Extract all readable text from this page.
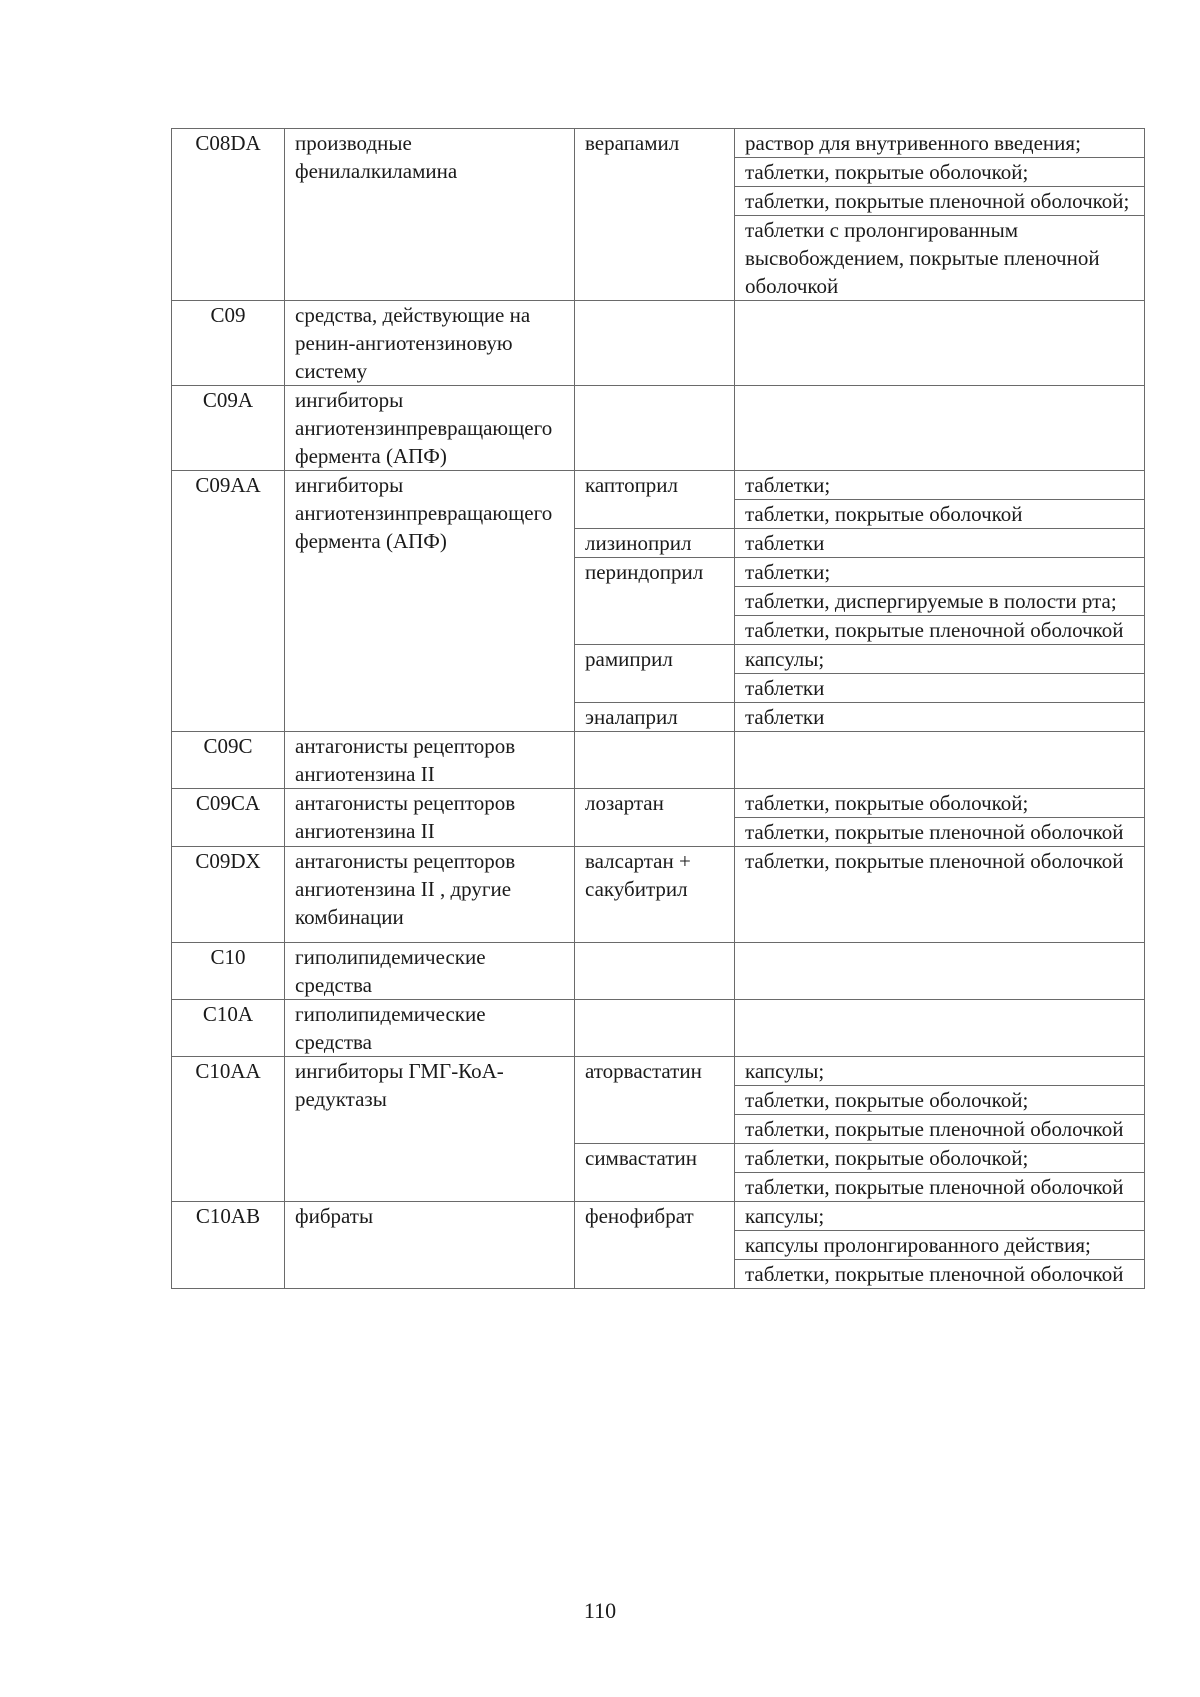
C08DA	производные фенилалкиламина	верапамил	раствор для внутривенного введения;
			таблетки, покрытые оболочкой;
			таблетки, покрытые пленочной оболочкой;
			таблетки с пролонгированным высвобождением, покрытые пленочной оболочкой
C09	средства, действующие на ренин-ангиотензиновую систему		
C09A	ингибиторы ангиотензинпревращающего фермента (АПФ)		
C09AA	ингибиторы ангиотензинпревращающего фермента (АПФ)	каптоприл	таблетки;
			таблетки, покрытые оболочкой
		лизиноприл	таблетки
		периндоприл	таблетки;
			таблетки, диспергируемые в полости рта;
			таблетки, покрытые пленочной оболочкой
		рамиприл	капсулы;
			таблетки
		эналаприл	таблетки
C09C	антагонисты рецепторов ангиотензина II		
C09CA	антагонисты рецепторов ангиотензина II	лозартан	таблетки, покрытые оболочкой;
			таблетки, покрытые пленочной оболочкой
C09DX	антагонисты рецепторов ангиотензина II , другие комбинации	валсартан + сакубитрил	таблетки, покрытые пленочной оболочкой
C10	гиполипидемические средства		
C10A	гиполипидемические средства		
C10AA	ингибиторы ГМГ-КоА-редуктазы	аторвастатин	капсулы;
			таблетки, покрытые оболочкой;
			таблетки, покрытые пленочной оболочкой
		симвастатин	таблетки, покрытые оболочкой;
			таблетки, покрытые пленочной оболочкой
C10AB	фибраты	фенофибрат	капсулы;
			капсулы пролонгированного действия;
			таблетки, покрытые пленочной оболочкой
110
